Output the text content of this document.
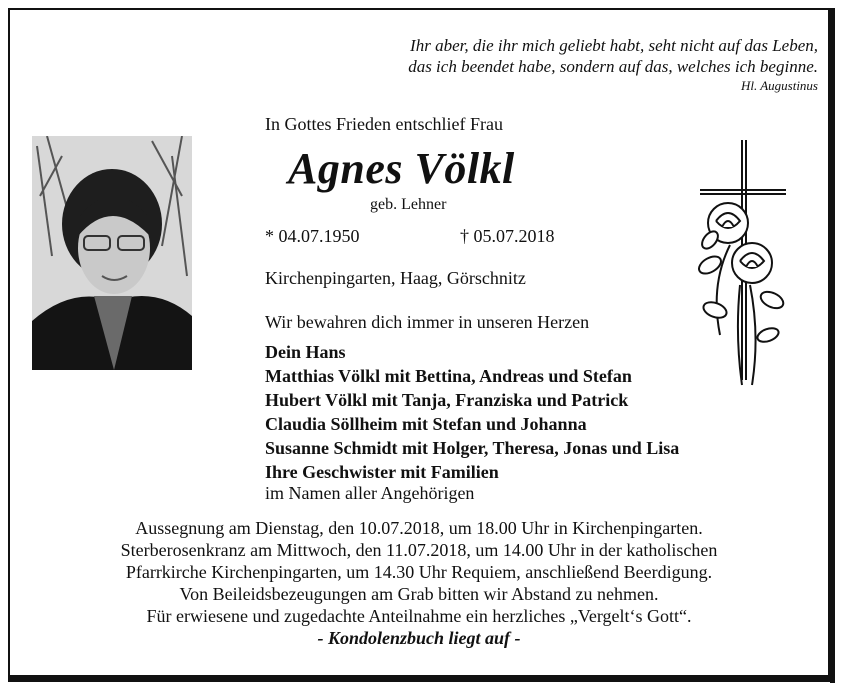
Ihr aber, die ihr mich geliebt habt, seht nicht auf das Leben,
das ich beendet habe, sondern auf das, welches ich beginne.
Hl. Augustinus
In Gottes Frieden entschlief Frau
Agnes Völkl
geb. Lehner
* 04.07.1950	† 05.07.2018
Kirchenpingarten, Haag, Görschnitz
Wir bewahren dich immer in unseren Herzen
Dein Hans
Matthias Völkl mit Bettina, Andreas und Stefan
Hubert Völkl mit Tanja, Franziska und Patrick
Claudia Söllheim mit Stefan und Johanna
Susanne Schmidt mit Holger, Theresa, Jonas und Lisa
Ihre Geschwister mit Familien
im Namen aller Angehörigen
Aussegnung am Dienstag, den 10.07.2018, um 18.00 Uhr in Kirchenpingarten.
Sterberosenkranz am Mittwoch, den 11.07.2018, um 14.00 Uhr in der katholischen
Pfarrkirche Kirchenpingarten, um 14.30 Uhr Requiem, anschließend Beerdigung.
Von Beileidsbezeugungen am Grab bitten wir Abstand zu nehmen.
Für erwiesene und zugedachte Anteilnahme ein herzliches „Vergelt‘s Gott“.
- Kondolenzbuch liegt auf -
